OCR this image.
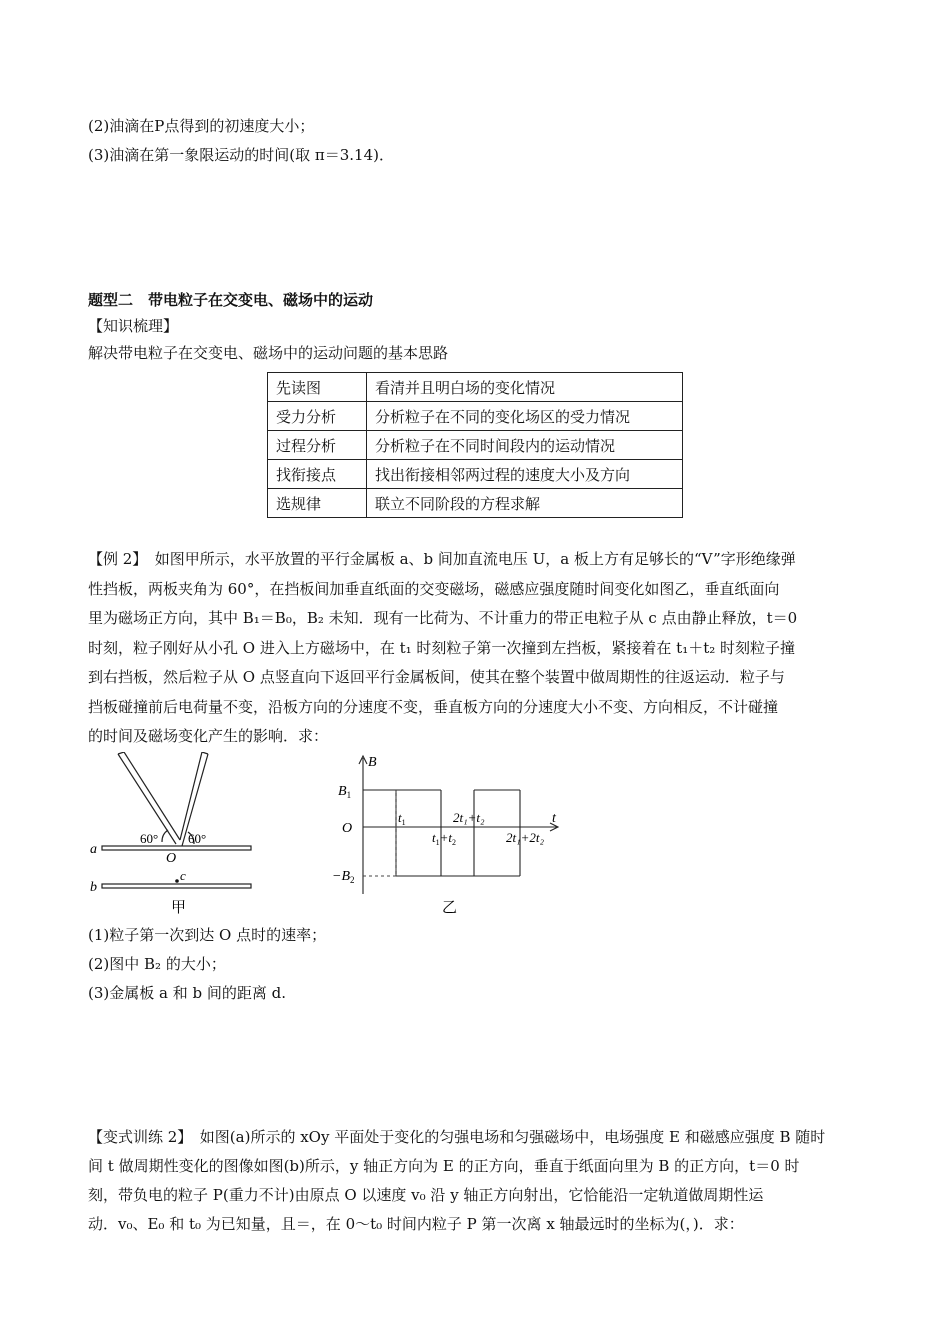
(2)油滴在P点得到的初速度大小；
(3)油滴在第一象限运动的时间(取 π＝3.14)．
题型二　带电粒子在交变电、磁场中的运动
【知识梳理】
解决带电粒子在交变电、磁场中的运动问题的基本思路
先读图	看清并且明白场的变化情况
受力分析	分析粒子在不同的变化场区的受力情况
过程分析	分析粒子在不同时间段内的运动情况
找衔接点	找出衔接相邻两过程的速度大小及方向
选规律	联立不同阶段的方程求解
【例 2】　如图甲所示，水平放置的平行金属板 a、b 间加直流电压 U，a 板上方有足够长的“V”字形绝缘弹
性挡板，两板夹角为 60°，在挡板间加垂直纸面的交变磁场，磁感应强度随时间变化如图乙，垂直纸面向
里为磁场正方向，其中 B₁＝B₀，B₂ 未知．现有一比荷为、不计重力的带正电粒子从 c 点由静止释放，t＝0
时刻，粒子刚好从小孔 O 进入上方磁场中，在 t₁ 时刻粒子第一次撞到左挡板，紧接着在 t₁＋t₂ 时刻粒子撞
到右挡板，然后粒子从 O 点竖直向下返回平行金属板间，使其在整个装置中做周期性的往返运动．粒子与
挡板碰撞前后电荷量不变，沿板方向的分速度不变，垂直板方向的分速度大小不变、方向相反，不计碰撞
的时间及磁场变化产生的影响．求：
60° 60°
a
b
O
c
甲
B
t
$B_1$
O
$-B_2$
$t_1$
$t_1+t_2$
2t₁+t₂
2t₁+2t₂
乙
(1)粒子第一次到达 O 点时的速率；
(2)图中 B₂ 的大小；
(3)金属板 a 和 b 间的距离 d.
【变式训练 2】　如图(a)所示的 xOy 平面处于变化的匀强电场和匀强磁场中，电场强度 E 和磁感应强度 B 随时
间 t 做周期性变化的图像如图(b)所示，y 轴正方向为 E 的正方向，垂直于纸面向里为 B 的正方向，t＝0 时
刻，带负电的粒子 P(重力不计)由原点 O 以速度 v₀ 沿 y 轴正方向射出，它恰能沿一定轨道做周期性运
动．v₀、E₀ 和 t₀ 为已知量，且＝，在 0～t₀ 时间内粒子 P 第一次离 x 轴最远时的坐标为(，)．求：
